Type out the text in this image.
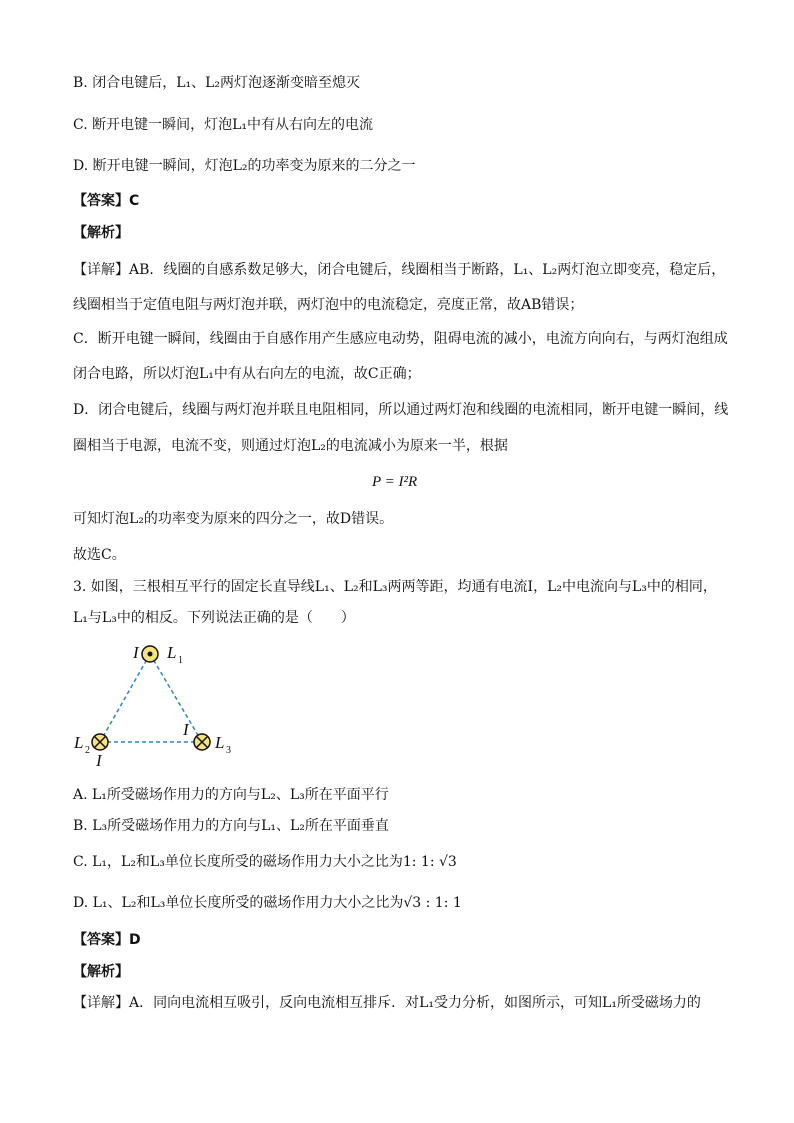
B. 闭合电键后，L₁、L₂两灯泡逐渐变暗至熄灭
C. 断开电键一瞬间，灯泡L₁中有从右向左的电流
D. 断开电键一瞬间，灯泡L₂的功率变为原来的二分之一
【答案】C
【解析】
【详解】AB．线圈的自感系数足够大，闭合电键后，线圈相当于断路，L₁、L₂两灯泡立即变亮，稳定后，
线圈相当于定值电阻与两灯泡并联，两灯泡中的电流稳定，亮度正常，故AB错误；
C．断开电键一瞬间，线圈由于自感作用产生感应电动势，阻碍电流的减小，电流方向向右，与两灯泡组成
闭合电路，所以灯泡L₁中有从右向左的电流，故C正确；
D．闭合电键后，线圈与两灯泡并联且电阻相同，所以通过两灯泡和线圈的电流相同，断开电键一瞬间，线
圈相当于电源，电流不变，则通过灯泡L₂的电流减小为原来一半，根据
P = I²R
可知灯泡L₂的功率变为原来的四分之一，故D错误。
故选C。
3. 如图，三根相互平行的固定长直导线L₁、L₂和L₃两两等距，均通有电流I，L₂中电流向与L₃中的相同，
L₁与L₃中的相反。下列说法正确的是（　　）
I L 1
L 2
I
I
L 3
A. L₁所受磁场作用力的方向与L₂、L₃所在平面平行
B. L₃所受磁场作用力的方向与L₁、L₂所在平面垂直
C. L₁，L₂和L₃单位长度所受的磁场作用力大小之比为1: 1: √3
D. L₁、L₂和L₃单位长度所受的磁场作用力大小之比为√3 : 1: 1
【答案】D
【解析】
【详解】A．同向电流相互吸引，反向电流相互排斥．对L₁受力分析，如图所示，可知L₁所受磁场力的
